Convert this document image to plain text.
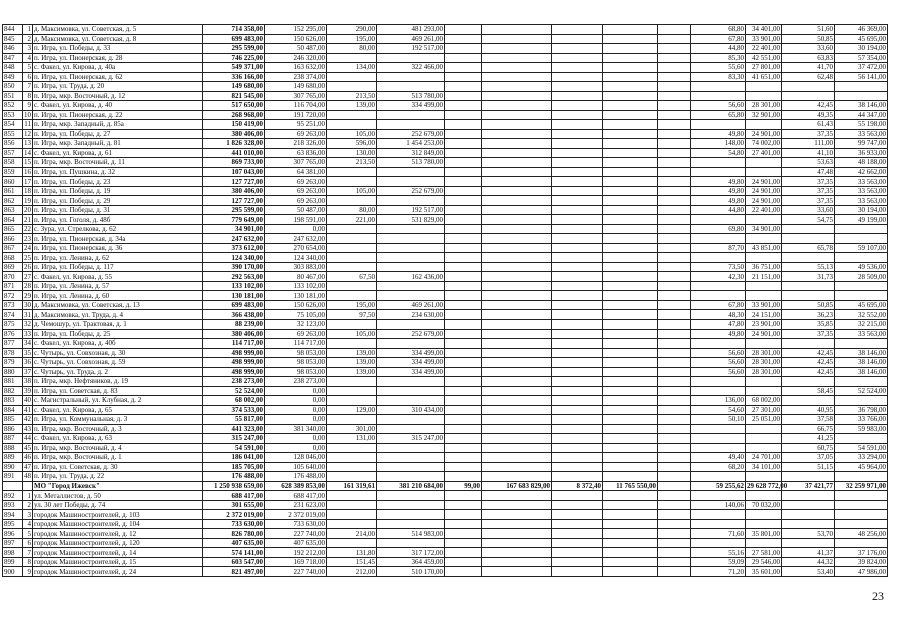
844	1	д. Максимовка, ул. Советская, д. 5	714 358,00	152 295,00	290,00	481 293,00						68,80	34 401,00	51,60	46 369,00
845	2	д. Максимовка, ул. Советская, д. 8	699 483,00	150 626,00	195,00	469 261,00						67,80	33 901,00	50,85	45 695,00
846	3	п. Игра, ул. Победы, д. 33	295 599,00	50 487,00	80,00	192 517,00						44,80	22 401,00	33,60	30 194,00
847	4	п. Игра, ул. Пионерская, д. 28	746 225,00	246 320,00								85,30	42 551,00	63,83	57 354,00
848	5	с. Факел, ул. Кирова, д. 40а	549 371,00	163 632,00	134,00	322 466,00						55,60	27 801,00	41,70	37 472,00
849	6	п. Игра, ул. Пионерская, д. 62	336 166,00	238 374,00								83,30	41 651,00	62,48	56 141,00
850	7	п. Игра, ул. Труда, д. 20	149 680,00	149 680,00											
851	8	п. Игра, мкр. Восточный, д. 12	821 545,00	307 765,00	213,50	513 780,00									
852	9	с. Факел, ул. Кирова, д. 40	517 650,00	116 704,00	139,00	334 499,00						56,60	28 301,00	42,45	38 146,00
853	10	п. Игра, ул. Пионерская, д. 22	268 968,00	191 720,00								65,80	32 901,00	49,35	44 347,00
854	11	п. Игра, мкр. Западный, д. 85а	150 419,00	95 251,00										61,43	55 198,00
855	12	п. Игра, ул. Победы, д. 27	380 406,00	69 263,00	105,00	252 679,00						49,80	24 901,00	37,35	33 563,00
856	13	п. Игра, мкр. Западный, д. 81	1 826 328,00	218 326,00	596,00	1 454 253,00						148,00	74 002,00	111,00	99 747,00
857	14	с. Факел, ул. Кирова, д. 61	441 010,00	63 836,00	130,00	312 849,00						54,80	27 401,00	41,10	36 933,00
858	15	п. Игра, мкр. Восточный, д. 11	869 733,00	307 765,00	213,50	513 780,00								53,63	48 188,00
859	16	п. Игра, ул. Пушкина, д. 32	107 043,00	64 381,00										47,48	42 662,00
860	17	п. Игра, ул. Победы, д. 23	127 727,00	69 263,00								49,80	24 901,00	37,35	33 563,00
861	18	п. Игра, ул. Победы, д. 19	380 406,00	69 263,00	105,00	252 679,00						49,80	24 901,00	37,35	33 563,00
862	19	п. Игра, ул. Победы, д. 29	127 727,00	69 263,00								49,80	24 901,00	37,35	33 563,00
863	20	п. Игра, ул. Победы, д. 31	295 599,00	50 487,00	80,00	192 517,00						44,80	22 401,00	33,60	30 194,00
864	21	п. Игра, ул. Гоголя, д. 48б	779 649,00	198 591,00	221,00	531 829,00								54,75	49 199,00
865	22	с. Зура, ул. Стрелкова, д. 62	34 901,00	0,00								69,80	34 901,00		
866	23	п. Игра, ул. Пионерская, д. 34а	247 632,00	247 632,00											
867	24	п. Игра, ул. Пионерская, д. 36	373 612,00	270 654,00								87,70	43 851,00	65,78	59 107,00
868	25	п. Игра, ул. Ленина, д. 62	124 340,00	124 340,00											
869	26	п. Игра, ул. Победы, д. 117	390 170,00	303 883,00								73,50	36 751,00	55,13	49 536,00
870	27	с. Факел, ул. Кирова, д. 55	292 563,00	80 467,00	67,50	162 436,00						42,30	21 151,00	31,73	28 509,00
871	28	п. Игра, ул. Ленина, д. 57	133 102,00	133 102,00											
872	29	п. Игра, ул. Ленина, д. 60	130 181,00	130 181,00											
873	30	д. Максимовка, ул. Советская, д. 13	699 483,00	150 626,00	195,00	469 261,00						67,80	33 901,00	50,85	45 695,00
874	31	д. Максимовка, ул. Труда, д. 4	366 438,00	75 105,00	97,50	234 630,00						48,30	24 151,00	36,23	32 552,00
875	32	д. Чемошур, ул. Трактовая, д. 1	88 239,00	32 123,00								47,80	23 901,00	35,85	32 215,00
876	33	п. Игра, ул. Победы, д. 25	380 406,00	69 263,00	105,00	252 679,00						49,80	24 901,00	37,35	33 563,00
877	34	с. Факел, ул. Кирова, д. 40б	114 717,00	114 717,00											
878	35	с. Чутырь, ул. Совхозная, д. 30	498 999,00	98 053,00	139,00	334 499,00						56,60	28 301,00	42,45	38 146,00
879	36	с. Чутырь, ул. Совхозная, д. 59	498 999,00	98 053,00	139,00	334 499,00						56,60	28 301,00	42,45	38 146,00
880	37	с. Чутырь, ул. Труда, д. 2	498 999,00	98 053,00	139,00	334 499,00						56,60	28 301,00	42,45	38 146,00
881	38	п. Игра, мкр. Нефтяников, д. 19	238 273,00	238 273,00											
882	39	п. Игра, ул. Советская, д. 83	52 524,00	0,00										58,45	52 524,00
883	40	с. Магистральный, ул. Клубная, д. 2	68 002,00	0,00								136,00	68 002,00		
884	41	с. Факел, ул. Кирова, д. 65	374 533,00	0,00	129,00	310 434,00						54,60	27 301,00	40,95	36 798,00
885	42	п. Игра, ул. Коммунальная, д. 3	55 817,00	0,00								50,10	25 051,00	37,58	33 766,00
886	43	п. Игра, мкр. Восточный, д. 3	441 323,00	381 340,00	301,00									66,75	59 983,00
887	44	с. Факел, ул. Кирова, д. 63	315 247,00	0,00	131,00	315 247,00								41,25	
888	45	п. Игра, мкр. Восточный, д. 4	54 591,00	0,00										60,75	54 591,00
889	46	п. Игра, мкр. Восточный, д. 1	186 041,00	128 046,00								49,40	24 701,00	37,05	33 294,00
890	47	п. Игра, ул. Советская, д. 30	185 705,00	105 640,00								68,20	34 101,00	51,15	45 964,00
891	48	п. Игра, ул. Труда, д. 22	176 488,00	176 488,00											
		МО "Город Ижевск"	1 250 938 659,00	628 389 853,00	161 319,61	381 210 684,00	99,00	167 683 829,00	8 372,40	11 765 550,00		59 255,62	29 628 772,00	37 421,77	32 259 971,00
892	1	ул. Металлистов, д. 50	688 417,00	688 417,00											
893	2	ул. 30 лет Победы, д. 74	301 655,00	231 623,00								140,06	70 032,00		
894	3	городок Машиностроителей, д. 103	2 372 019,00	2 372 019,00											
895	4	городок Машиностроителей, д. 104	733 630,00	733 630,00											
896	5	городок Машиностроителей, д. 12	826 780,00	227 740,00	214,00	514 983,00						71,60	35 801,00	53,70	48 256,00
897	6	городок Машиностроителей, д. 120	407 635,00	407 635,00											
898	7	городок Машиностроителей, д. 14	574 141,00	192 212,00	131,80	317 172,00						55,16	27 581,00	41,37	37 176,00
899	8	городок Машиностроителей, д. 15	603 547,00	169 718,00	151,45	364 459,00						59,09	29 546,00	44,32	39 824,00
900	9	городок Машиностроителей, д. 24	821 497,00	227 740,00	212,00	510 170,00						71,20	35 601,00	53,40	47 986,00
23
